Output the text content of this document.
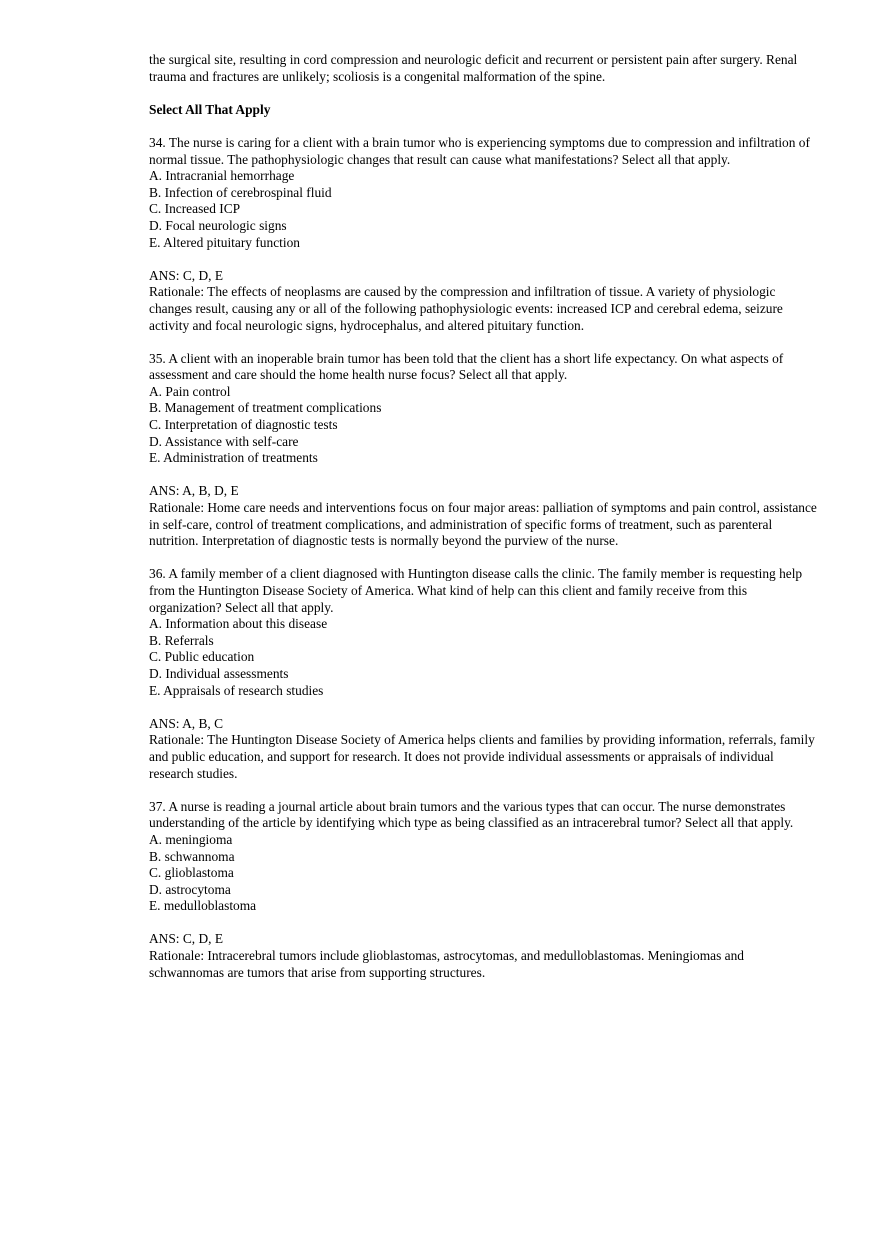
the surgical site, resulting in cord compression and neurologic deficit and recurrent or persistent pain after surgery. Renal trauma and fractures are unlikely; scoliosis is a congenital malformation of the spine.

Select All That Apply

34. The nurse is caring for a client with a brain tumor who is experiencing symptoms due to compression and infiltration of normal tissue. The pathophysiologic changes that result can cause what manifestations? Select all that apply.

A. Intracranial hemorrhage
B. Infection of cerebrospinal fluid
C. Increased ICP
D. Focal neurologic signs
E. Altered pituitary function
ANS: C, D, E

Rationale: The effects of neoplasms are caused by the compression and infiltration of tissue. A variety of physiologic changes result, causing any or all of the following pathophysiologic events: increased ICP and cerebral edema, seizure activity and focal neurologic signs, hydrocephalus, and altered pituitary function.

35. A client with an inoperable brain tumor has been told that the client has a short life expectancy. On what aspects of assessment and care should the home health nurse focus? Select all that apply.

A. Pain control
B. Management of treatment complications
C. Interpretation of diagnostic tests
D. Assistance with self-care
E. Administration of treatments
ANS: A, B, D, E

Rationale: Home care needs and interventions focus on four major areas: palliation of symptoms and pain control, assistance in self-care, control of treatment complications, and administration of specific forms of treatment, such as parenteral nutrition. Interpretation of diagnostic tests is normally beyond the purview of the nurse.

36. A family member of a client diagnosed with Huntington disease calls the clinic. The family member is requesting help from the Huntington Disease Society of America. What kind of help can this client and family receive from this organization? Select all that apply.

A. Information about this disease
B. Referrals
C. Public education
D. Individual assessments
E. Appraisals of research studies
ANS: A, B, C

Rationale: The Huntington Disease Society of America helps clients and families by providing information, referrals, family and public education, and support for research. It does not provide individual assessments or appraisals of individual research studies.

37. A nurse is reading a journal article about brain tumors and the various types that can occur. The nurse demonstrates understanding of the article by identifying which type as being classified as an intracerebral tumor? Select all that apply.

A. meningioma
B. schwannoma
C. glioblastoma
D. astrocytoma
E. medulloblastoma
ANS: C, D, E

Rationale: Intracerebral tumors include glioblastomas, astrocytomas, and medulloblastomas. Meningiomas and schwannomas are tumors that arise from supporting structures.
